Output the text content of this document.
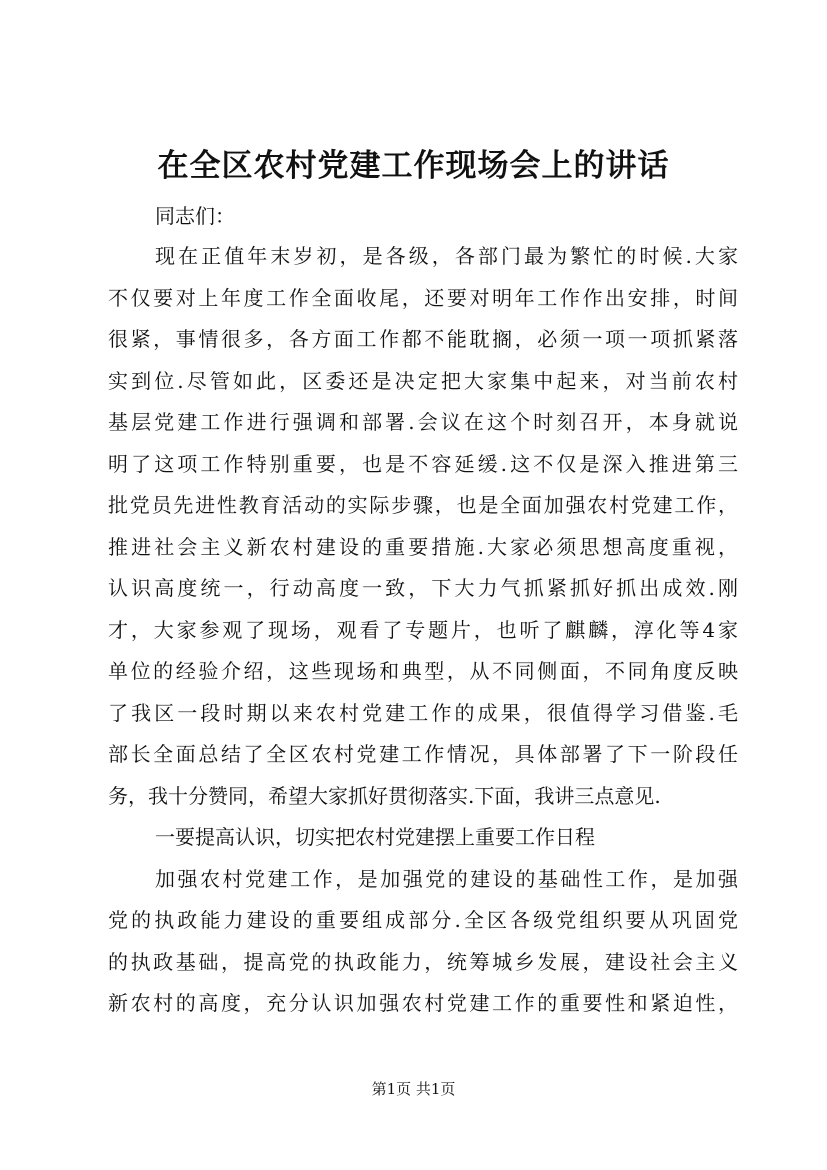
在全区农村党建工作现场会上的讲话

同志们：

现在正值年末岁初，是各级，各部门最为繁忙的时候.大家
不仅要对上年度工作全面收尾，还要对明年工作作出安排，时间
很紧，事情很多，各方面工作都不能耽搁，必须一项一项抓紧落
实到位.尽管如此，区委还是决定把大家集中起来，对当前农村
基层党建工作进行强调和部署.会议在这个时刻召开，本身就说
明了这项工作特别重要，也是不容延缓.这不仅是深入推进第三
批党员先进性教育活动的实际步骤，也是全面加强农村党建工作，
推进社会主义新农村建设的重要措施.大家必须思想高度重视，
认识高度统一，行动高度一致，下大力气抓紧抓好抓出成效.刚
才，大家参观了现场，观看了专题片，也听了麒麟，淳化等4家
单位的经验介绍，这些现场和典型，从不同侧面，不同角度反映
了我区一段时期以来农村党建工作的成果，很值得学习借鉴.毛
部长全面总结了全区农村党建工作情况，具体部署了下一阶段任
务，我十分赞同，希望大家抓好贯彻落实.下面，我讲三点意见.
一要提高认识，切实把农村党建摆上重要工作日程
加强农村党建工作，是加强党的建设的基础性工作，是加强
党的执政能力建设的重要组成部分.全区各级党组织要从巩固党
的执政基础，提高党的执政能力，统筹城乡发展，建设社会主义
新农村的高度，充分认识加强农村党建工作的重要性和紧迫性，

第1页 共1页
